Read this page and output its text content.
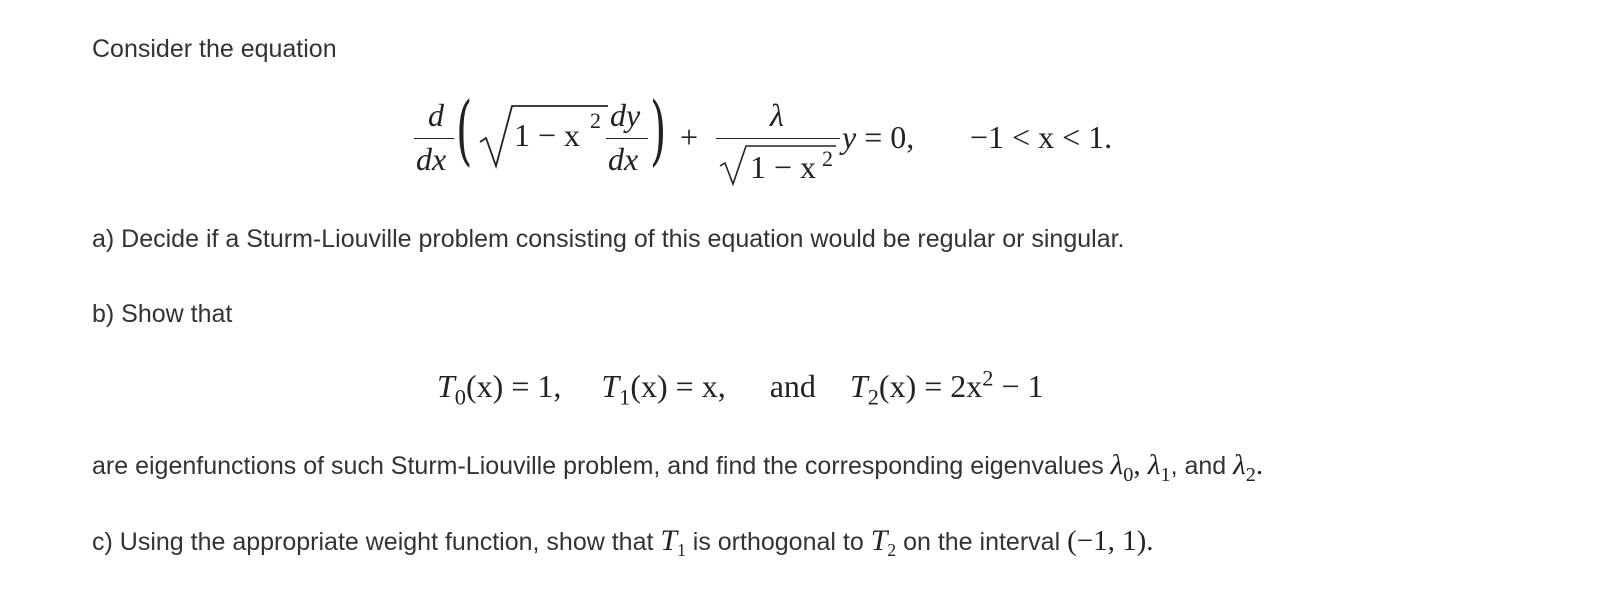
Consider the equation
d
dx ( 1 − x 2 dy
dx ) +
λ
1 − x 2
y = 0, −1 < x < 1.
a) Decide if a Sturm-Liouville problem consisting of this equation would be regular or singular.
b) Show that
$T_0(x) = 1$, $T_1(x) = x$, and $T_2(x) = 2x^2 - 1$
are eigenfunctions of such Sturm-Liouville problem, and find the corresponding eigenvalues $\lambda_0$, $\lambda_1$, and $\lambda_2$.
c) Using the appropriate weight function, show that $T_1$ is orthogonal to $T_2$ on the interval (−1, 1).
